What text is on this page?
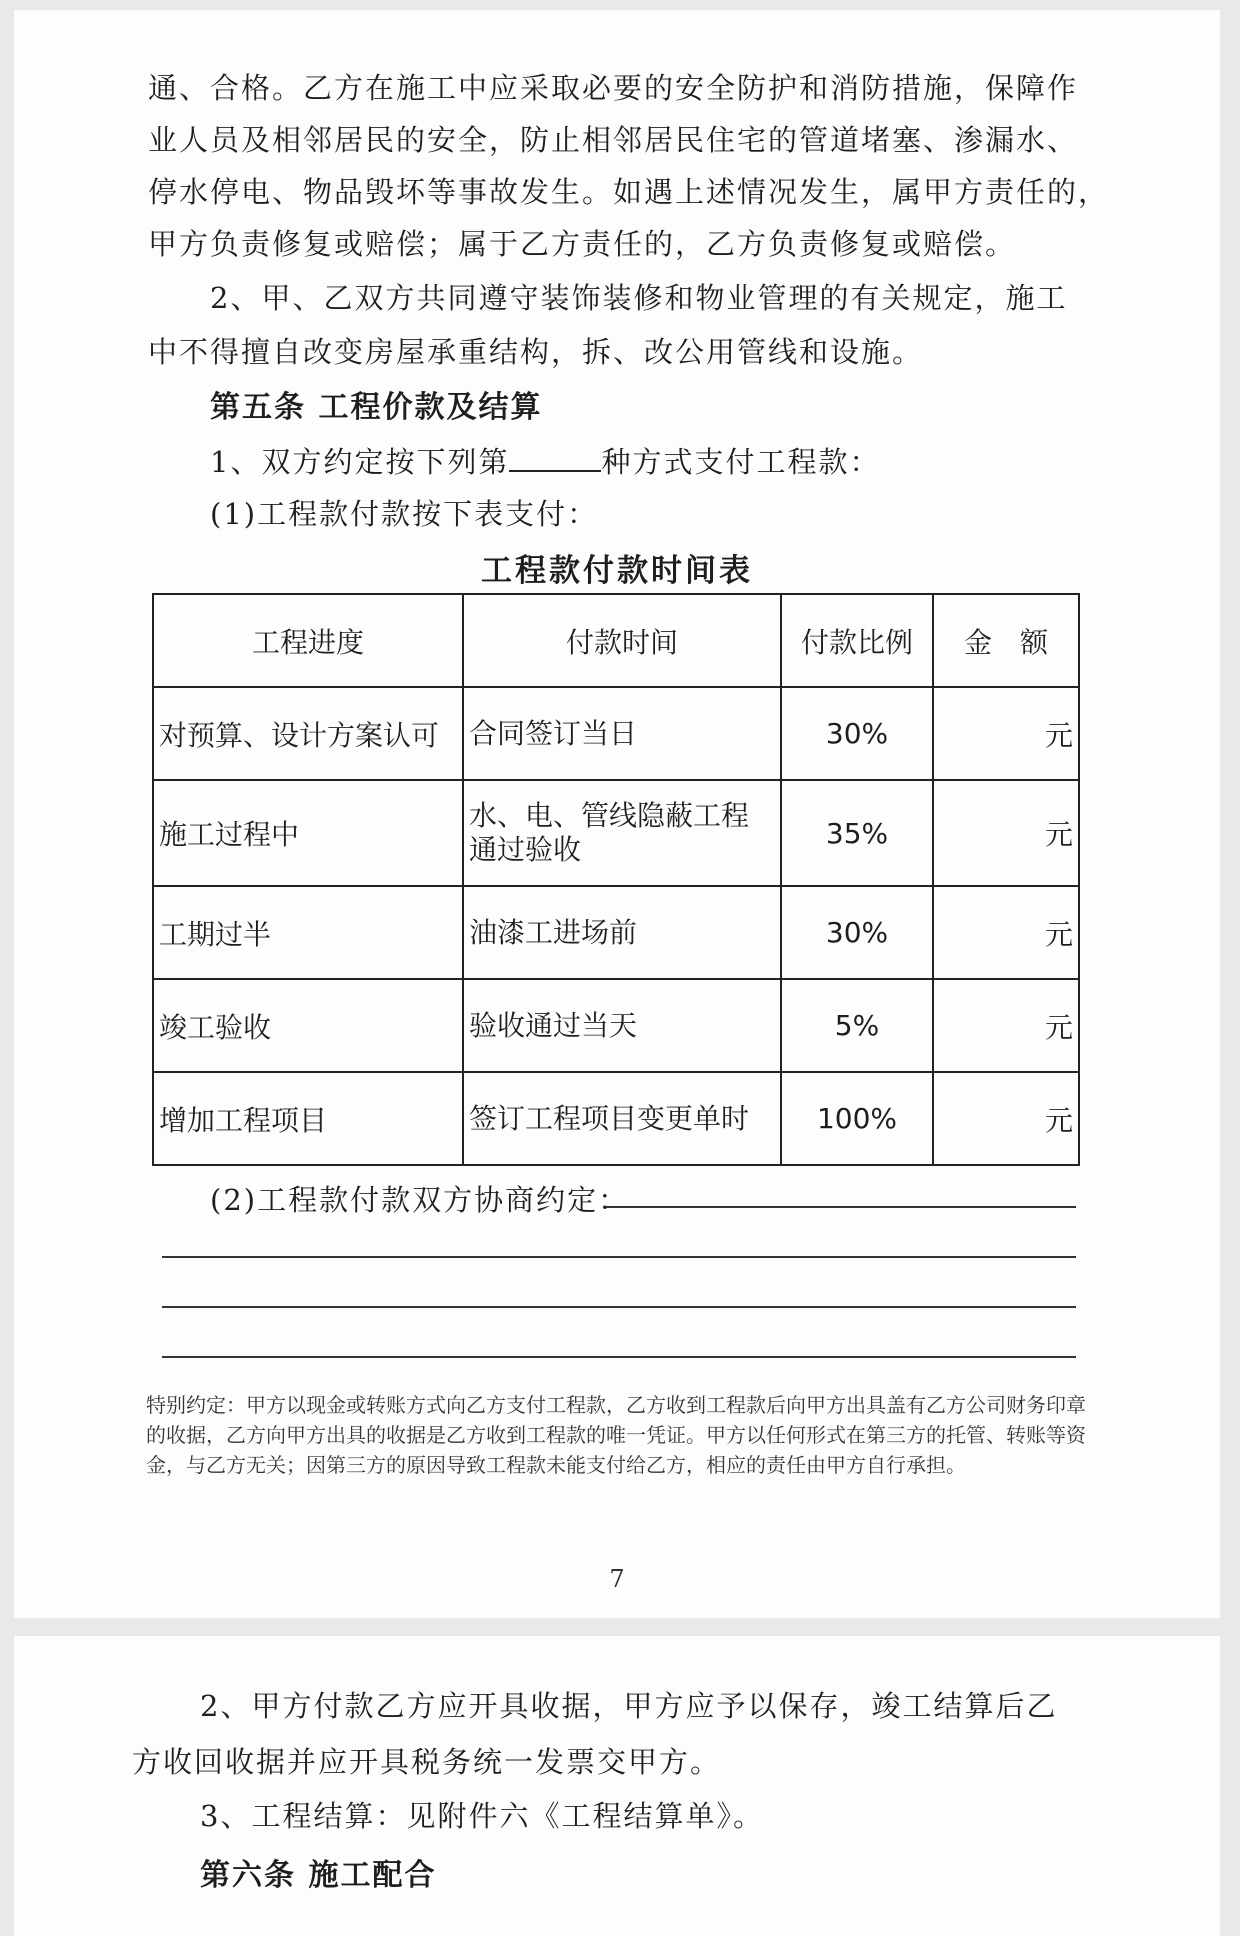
通、合格。乙方在施工中应采取必要的安全防护和消防措施，保障作

业人员及相邻居民的安全，防止相邻居民住宅的管道堵塞、渗漏水、

停水停电、物品毁坏等事故发生。如遇上述情况发生，属甲方责任的，

甲方负责修复或赔偿；属于乙方责任的，乙方负责修复或赔偿。

2、甲、乙双方共同遵守装饰装修和物业管理的有关规定，施工

中不得擅自改变房屋承重结构，拆、改公用管线和设施。

第五条 工程价款及结算

1、双方约定按下列第	种方式支付工程款：

(1)工程款付款按下表支付：

工程款付款时间表
工程进度	付款时间	付款比例	金　额
对预算、设计方案认可	合同签订当日	30%	元
施工过程中	水、电、管线隐蔽工程通过验收	35%	元
工期过半	油漆工进场前	30%	元
竣工验收	验收通过当天	5%	元
增加工程项目	签订工程项目变更单时	100%	元

(2)工程款付款双方协商约定：

特别约定：甲方以现金或转账方式向乙方支付工程款，乙方收到工程款后向甲方出具盖有乙方公司财务印章的收据，乙方向甲方出具的收据是乙方收到工程款的唯一凭证。甲方以任何形式在第三方的托管、转账等资金，与乙方无关；因第三方的原因导致工程款未能支付给乙方，相应的责任由甲方自行承担。

7

2、甲方付款乙方应开具收据，甲方应予以保存，竣工结算后乙

方收回收据并应开具税务统一发票交甲方。

3、工程结算：见附件六《工程结算单》。

第六条 施工配合
